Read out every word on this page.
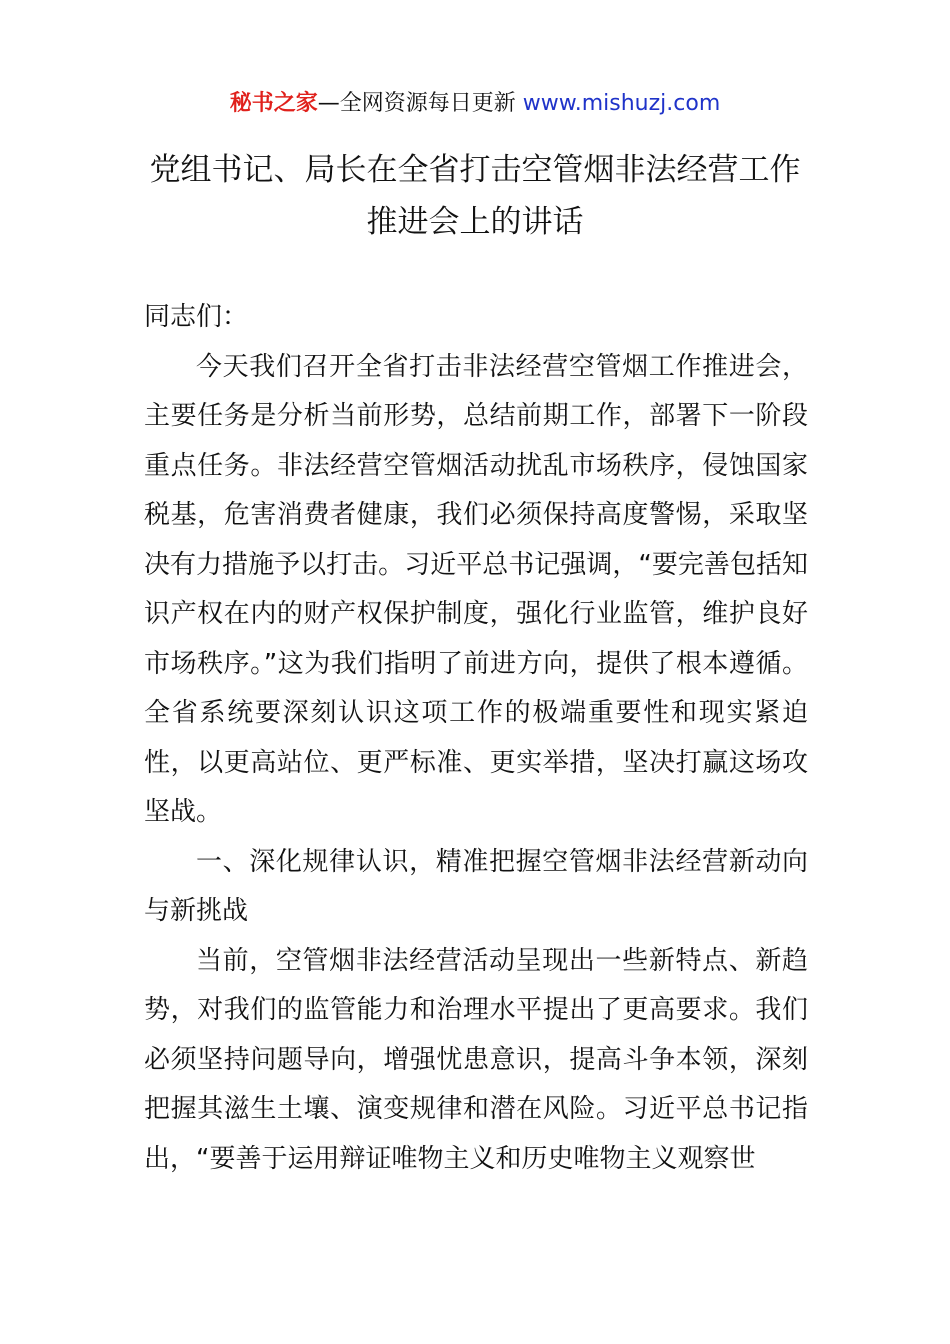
秘书之家—全网资源每日更新 www.mishuzj.com
党组书记、局长在全省打击空管烟非法经营工作推进会上的讲话

同志们：

今天我们召开全省打击非法经营空管烟工作推进会，主要任务是分析当前形势，总结前期工作，部署下一阶段重点任务。非法经营空管烟活动扰乱市场秩序，侵蚀国家税基，危害消费者健康，我们必须保持高度警惕，采取坚决有力措施予以打击。习近平总书记强调，“要完善包括知识产权在内的财产权保护制度，强化行业监管，维护良好市场秩序。”这为我们指明了前进方向，提供了根本遵循。全省系统要深刻认识这项工作的极端重要性和现实紧迫性，以更高站位、更严标准、更实举措，坚决打赢这场攻坚战。

一、深化规律认识，精准把握空管烟非法经营新动向与新挑战

当前，空管烟非法经营活动呈现出一些新特点、新趋势，对我们的监管能力和治理水平提出了更高要求。我们必须坚持问题导向，增强忧患意识，提高斗争本领，深刻把握其滋生土壤、演变规律和潜在风险。习近平总书记指出，“要善于运用辩证唯物主义和历史唯物主义观察世
